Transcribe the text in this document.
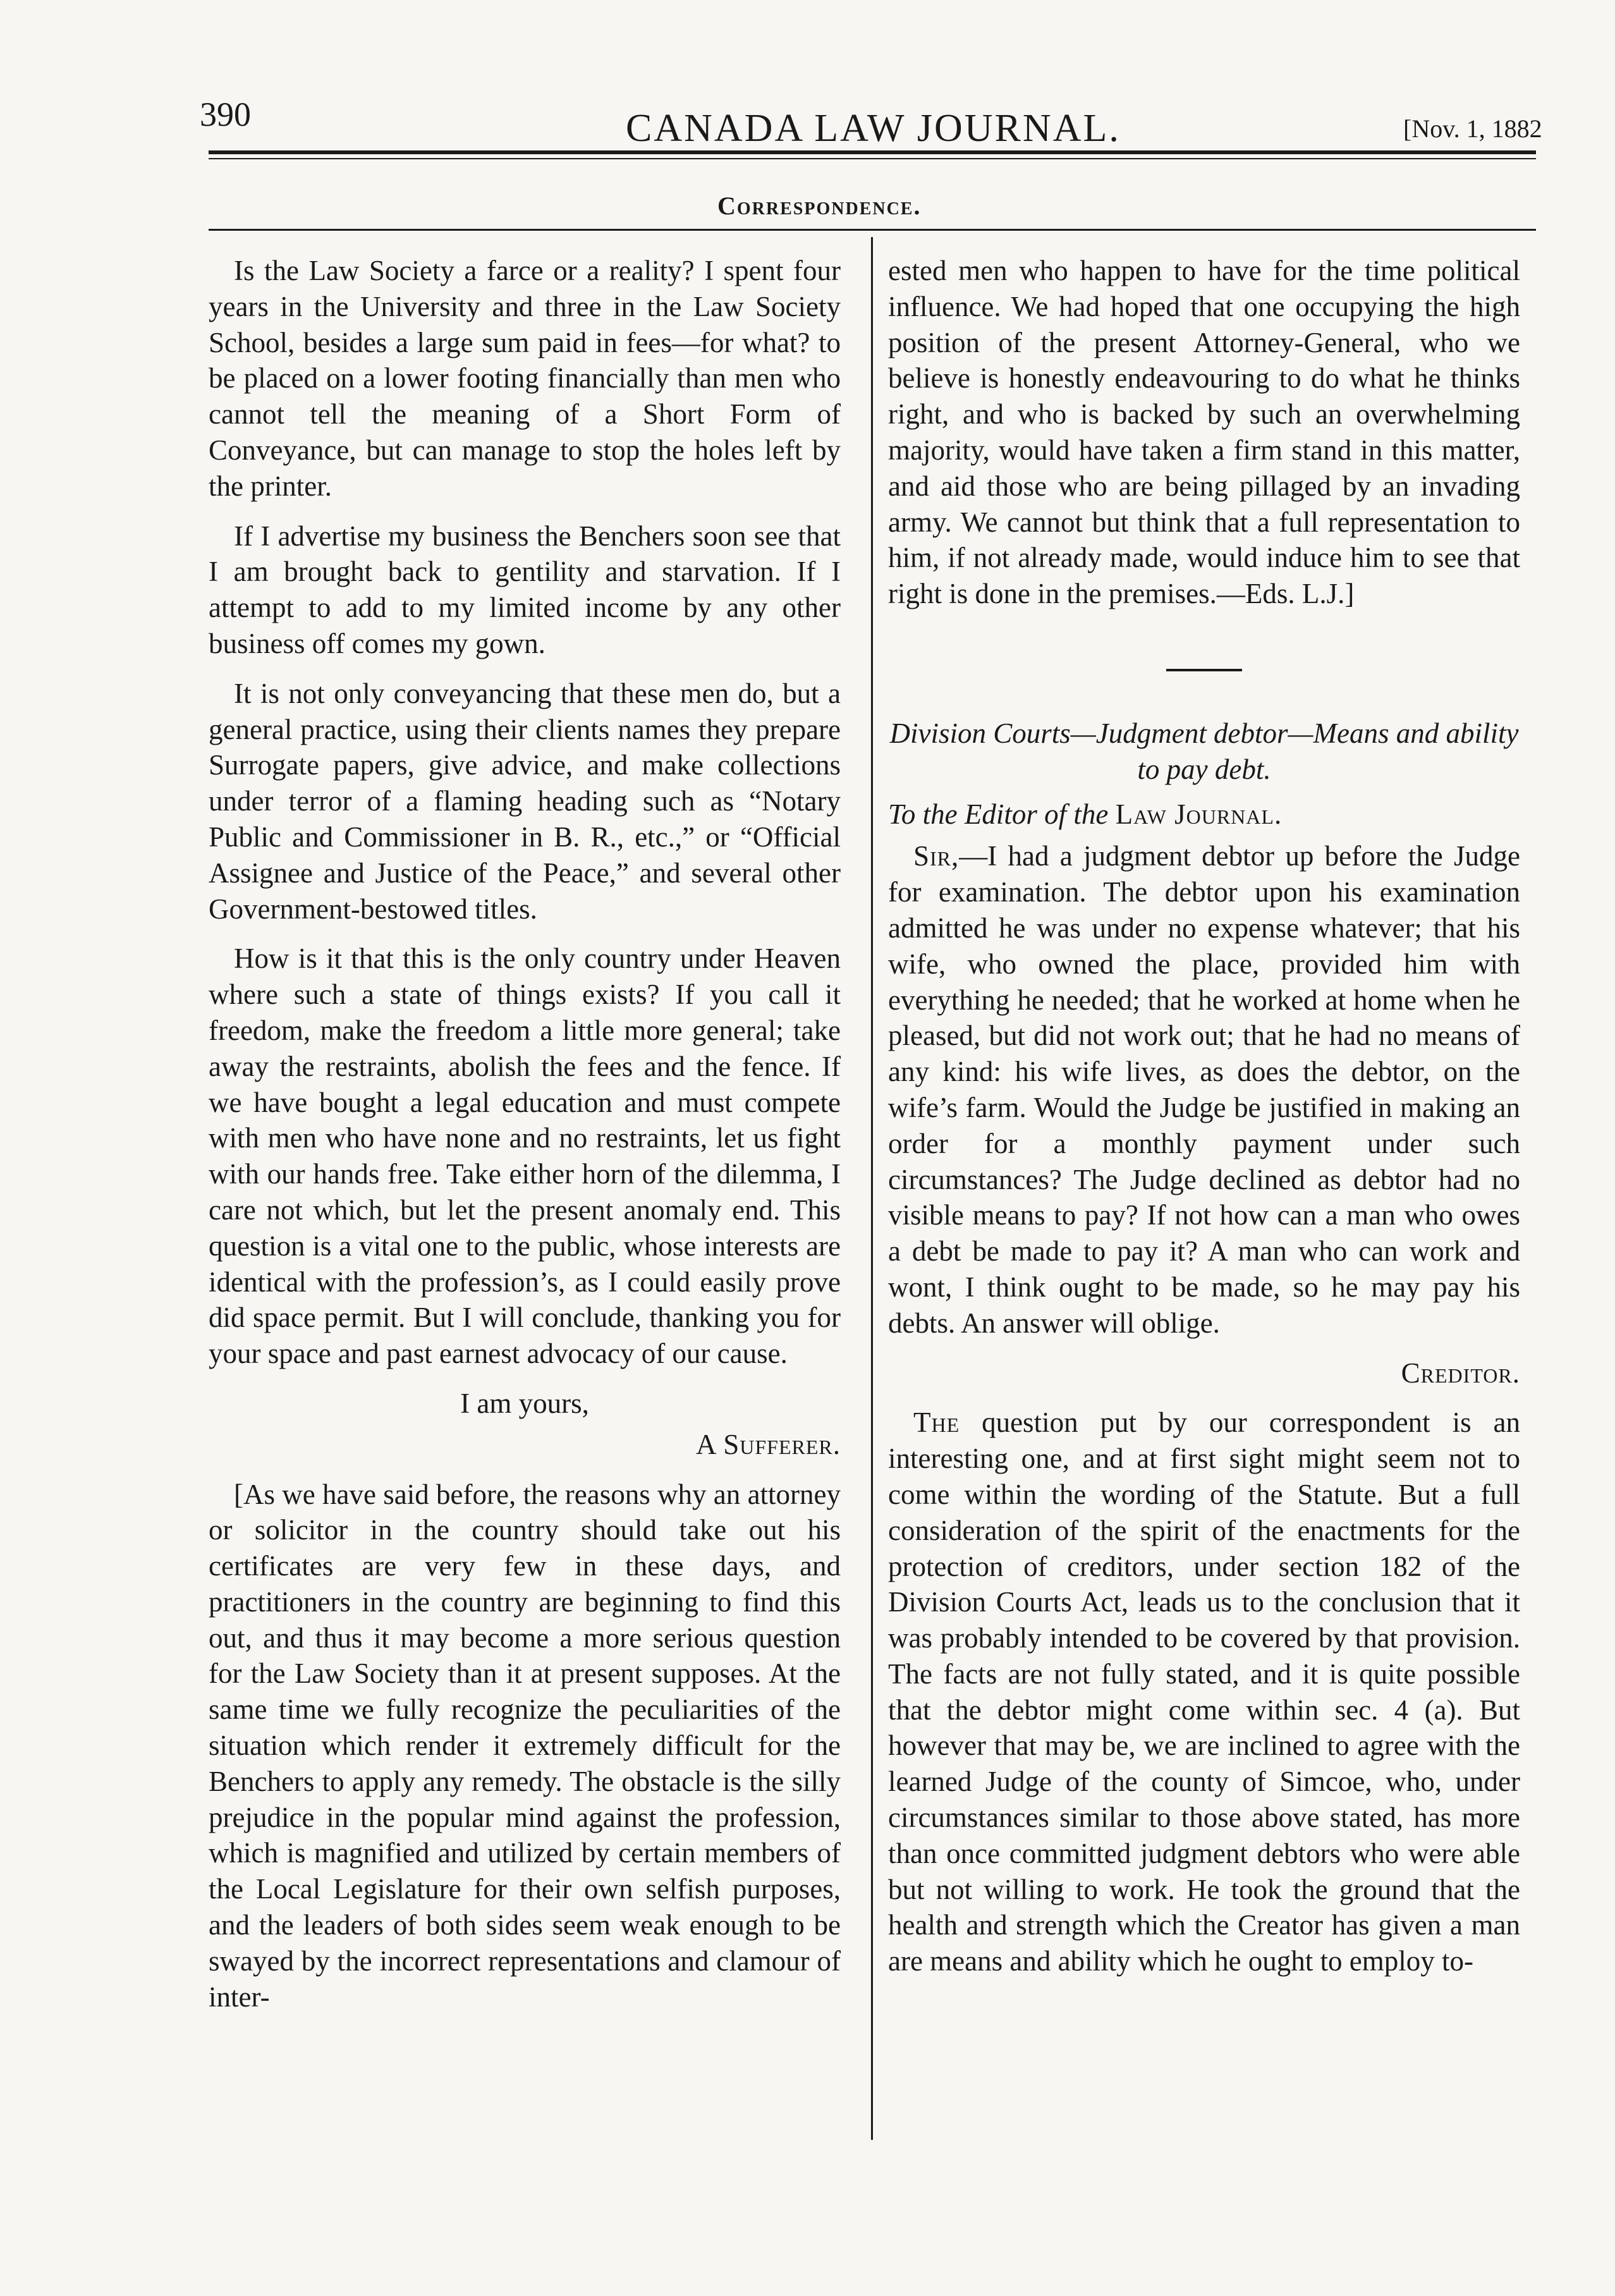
390	CANADA LAW JOURNAL.	[Nov. 1, 1882
Correspondence.

Is the Law Society a farce or a reality? I spent four years in the University and three in the Law Society School, besides a large sum paid in fees—for what? to be placed on a lower footing financially than men who cannot tell the meaning of a Short Form of Conveyance, but can manage to stop the holes left by the printer.

If I advertise my business the Benchers soon see that I am brought back to gentility and starvation. If I attempt to add to my limited income by any other business off comes my gown.

It is not only conveyancing that these men do, but a general practice, using their clients names they prepare Surrogate papers, give advice, and make collections under terror of a flaming heading such as “Notary Public and Commissioner in B. R., etc.,” or “Official Assignee and Justice of the Peace,” and several other Government-bestowed titles.

How is it that this is the only country under Heaven where such a state of things exists? If you call it freedom, make the freedom a little more general; take away the restraints, abolish the fees and the fence. If we have bought a legal education and must compete with men who have none and no restraints, let us fight with our hands free. Take either horn of the dilemma, I care not which, but let the present anomaly end. This question is a vital one to the public, whose interests are identical with the profession’s, as I could easily prove did space permit. But I will conclude, thanking you for your space and past earnest advocacy of our cause.

I am yours,
A Sufferer.

[As we have said before, the reasons why an attorney or solicitor in the country should take out his certificates are very few in these days, and practitioners in the country are beginning to find this out, and thus it may become a more serious question for the Law Society than it at present supposes. At the same time we fully recognize the peculiarities of the situation which render it extremely difficult for the Benchers to apply any remedy. The obstacle is the silly prejudice in the popular mind against the profession, which is magnified and utilized by certain members of the Local Legislature for their own selfish purposes, and the leaders of both sides seem weak enough to be swayed by the incorrect representations and clamour of inter-

ested men who happen to have for the time political influence. We had hoped that one occupying the high position of the present Attorney-General, who we believe is honestly endeavouring to do what he thinks right, and who is backed by such an overwhelming majority, would have taken a firm stand in this matter, and aid those who are being pillaged by an invading army. We cannot but think that a full representation to him, if not already made, would induce him to see that right is done in the premises.—Eds. L.J.]

Division Courts—Judgment debtor—Means and ability to pay debt.
To the Editor of the Law Journal.

Sir,—I had a judgment debtor up before the Judge for examination. The debtor upon his examination admitted he was under no expense whatever; that his wife, who owned the place, provided him with everything he needed; that he worked at home when he pleased, but did not work out; that he had no means of any kind: his wife lives, as does the debtor, on the wife’s farm. Would the Judge be justified in making an order for a monthly payment under such circumstances? The Judge declined as debtor had no visible means to pay? If not how can a man who owes a debt be made to pay it? A man who can work and wont, I think ought to be made, so he may pay his debts. An answer will oblige.

Creditor.

The question put by our correspondent is an interesting one, and at first sight might seem not to come within the wording of the Statute. But a full consideration of the spirit of the enactments for the protection of creditors, under section 182 of the Division Courts Act, leads us to the conclusion that it was probably intended to be covered by that provision. The facts are not fully stated, and it is quite possible that the debtor might come within sec. 4 (a). But however that may be, we are inclined to agree with the learned Judge of the county of Simcoe, who, under circumstances similar to those above stated, has more than once committed judgment debtors who were able but not willing to work. He took the ground that the health and strength which the Creator has given a man are means and ability which he ought to employ to-
